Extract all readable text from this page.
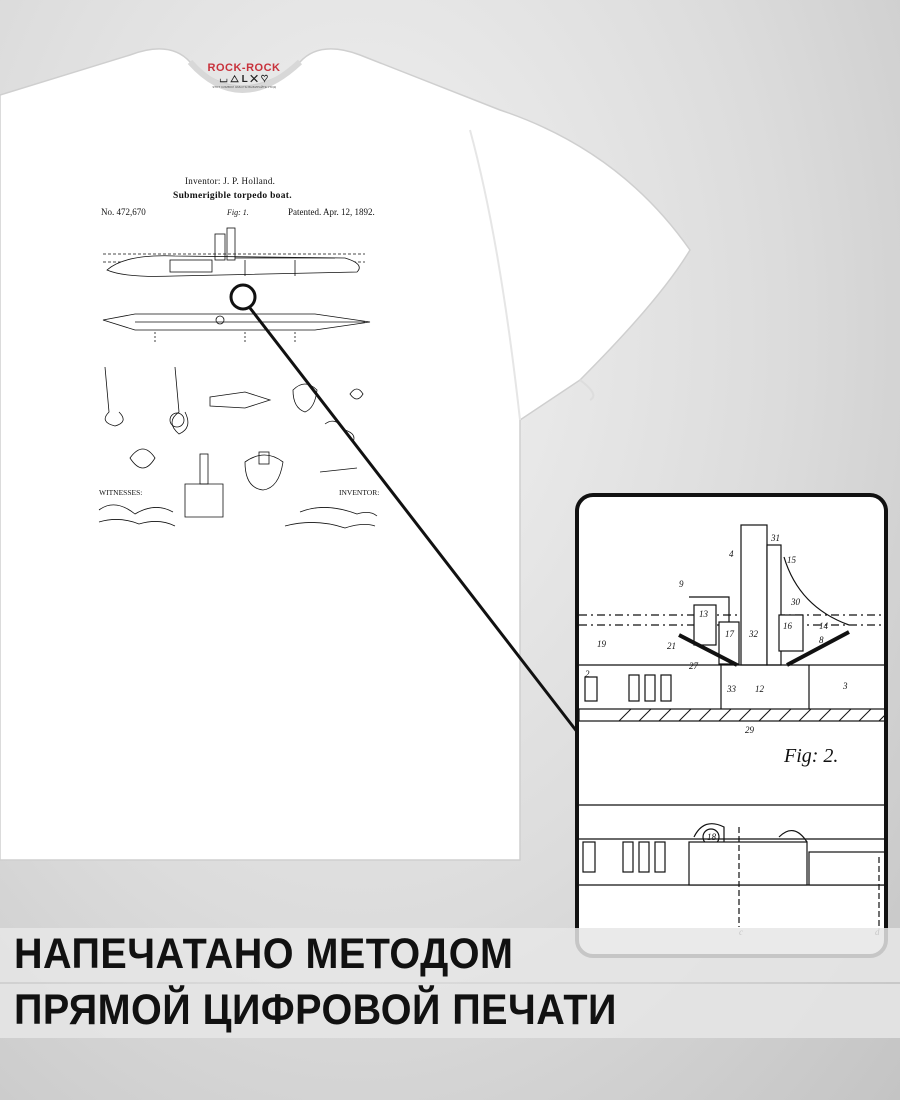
ROCK-ROCK
⌴ △ L ✕ ♡
ЭТОТ СИМВОЛ ЗАБОТЫ ВЫБИРАЙТЕ УХОД
Inventor: J. P. Holland.
Submerigible torpedo boat.
No. 472,670	Fig: 1.	Patented. Apr. 12, 1892.
WITNESSES:	INVENTOR:
Fig: 2.
31
15
4
9
30
13
17 32
16
21
14
8
19
2
27
33 12	3
29
18
НАПЕЧАТАНО МЕТОДОМ
ПРЯМОЙ ЦИФРОВОЙ ПЕЧАТИ
